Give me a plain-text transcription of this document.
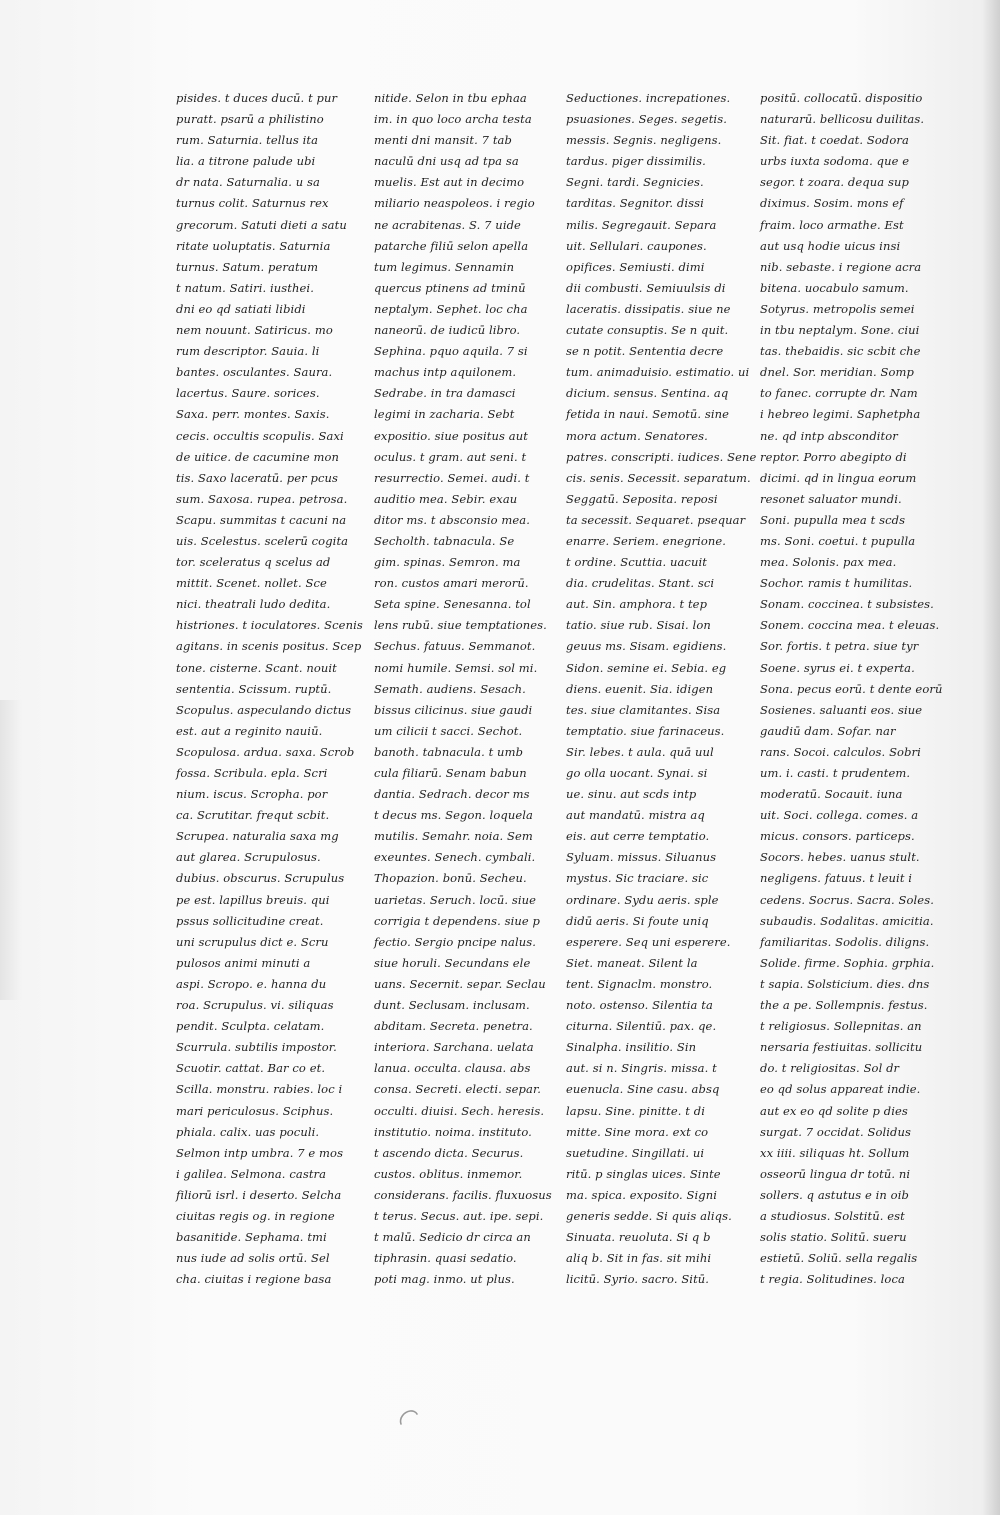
pisides. t duces ducū. t pur
puratt. psarū a philistino
rum. Saturnia. tellus ita
lia. a titrone palude ubi
dr nata. Saturnalia. u sa
turnus colit. Saturnus rex
grecorum. Satuti dieti a satu
ritate uoluptatis. Saturnia
turnus. Satum. peratum
t natum. Satiri. iusthei.
dni eo qd satiati libidi
nem nouunt. Satiricus. mo
rum descriptor. Sauia. li
bantes. osculantes. Saura.
lacertus. Saure. sorices.
Saxa. perr. montes. Saxis.
cecis. occultis scopulis. Saxi
de uitice. de cacumine mon
tis. Saxo laceratū. per pcus
sum. Saxosa. rupea. petrosa.
Scapu. summitas t cacuni na
uis. Scelestus. scelerū cogita
tor. sceleratus q scelus ad
mittit. Scenet. nollet. Sce
nici. theatrali ludo dedita.
histriones. t ioculatores. Scenis
agitans. in scenis positus. Scep
tone. cisterne. Scant. nouit
sententia. Scissum. ruptū.
Scopulus. aspeculando dictus
est. aut a reginito nauiū.
Scopulosa. ardua. saxa. Scrob
fossa. Scribula. epla. Scri
nium. iscus. Scropha. por
ca. Scrutitar. frequt scbit.
Scrupea. naturalia saxa mg
aut glarea. Scrupulosus.
dubius. obscurus. Scrupulus
pe est. lapillus breuis. qui
pssus sollicitudine creat.
uni scrupulus dict e. Scru
pulosos animi minuti a
aspi. Scropo. e. hanna du
roa. Scrupulus. vi. siliquas
pendit. Sculpta. celatam.
Scurrula. subtilis impostor.
Scuotir. cattat. Bar co et.
Scilla. monstru. rabies. loc i
mari periculosus. Sciphus.
phiala. calix. uas poculi.
Selmon intp umbra. 7 e mos
i galilea. Selmona. castra
filiorū isrl. i deserto. Selcha
ciuitas regis og. in regione
basanitide. Sephama. tmi
nus iude ad solis ortū. Sel
cha. ciuitas i regione basa
nitide. Selon in tbu ephaa
im. in quo loco archa testa
menti dni mansit. 7 tab
naculū dni usq ad tpa sa
muelis. Est aut in decimo
miliario neaspoleos. i regio
ne acrabitenas. S. 7 uide
patarche filiū selon apella
tum legimus. Sennamin
quercus ptinens ad tminū
neptalym. Sephet. loc cha
naneorū. de iudicū libro.
Sephina. pquo aquila. 7 si
machus intp aquilonem.
Sedrabe. in tra damasci
legimi in zacharia. Sebt
expositio. siue positus aut
oculus. t gram. aut seni. t
resurrectio. Semei. audi. t
auditio mea. Sebir. exau
ditor ms. t absconsio mea.
Secholth. tabnacula. Se
gim. spinas. Semron. ma
ron. custos amari merorū.
Seta spine. Senesanna. tol
lens rubū. siue temptationes.
Sechus. fatuus. Semmanot.
nomi humile. Semsi. sol mi.
Semath. audiens. Sesach.
bissus cilicinus. siue gaudi
um cilicii t sacci. Sechot.
banoth. tabnacula. t umb
cula filiarū. Senam babun
dantia. Sedrach. decor ms
t decus ms. Segon. loquela
mutilis. Semahr. noia. Sem
exeuntes. Senech. cymbali.
Thopazion. bonū. Secheu.
uarietas. Seruch. locū. siue
corrigia t dependens. siue p
fectio. Sergio pncipe nalus.
siue horuli. Secundans ele
uans. Secernit. separ. Seclau
dunt. Seclusam. inclusam.
abditam. Secreta. penetra.
interiora. Sarchana. uelata
lanua. occulta. clausa. abs
consa. Secreti. electi. separ.
occulti. diuisi. Sech. heresis.
institutio. noima. instituto.
t ascendo dicta. Securus.
custos. oblitus. inmemor.
considerans. facilis. fluxuosus
t terus. Secus. aut. ipe. sepi.
t malū. Sedicio dr circa an
tiphrasin. quasi sedatio.
poti mag. inmo. ut plus.
Seductiones. increpationes.
psuasiones. Seges. segetis.
messis. Segnis. negligens.
tardus. piger dissimilis.
Segni. tardi. Segnicies.
tarditas. Segnitor. dissi
milis. Segregauit. Separa
uit. Sellulari. caupones.
opifices. Semiusti. dimi
dii combusti. Semiuulsis di
laceratis. dissipatis. siue ne
cutate consuptis. Se n quit.
se n potit. Sententia decre
tum. animaduisio. estimatio. ui
dicium. sensus. Sentina. aq
fetida in naui. Semotū. sine
mora actum. Senatores.
patres. conscripti. iudices. Sene
cis. senis. Secessit. separatum.
Seggatū. Seposita. reposi
ta secessit. Sequaret. psequar
enarre. Seriem. enegrione.
t ordine. Scuttia. uacuit
dia. crudelitas. Stant. sci
aut. Sin. amphora. t tep
tatio. siue rub. Sisai. lon
geuus ms. Sisam. egidiens.
Sidon. semine ei. Sebia. eg
diens. euenit. Sia. idigen
tes. siue clamitantes. Sisa
temptatio. siue farinaceus.
Sir. lebes. t aula. quā uul
go olla uocant. Synai. si
ue. sinu. aut scds intp
aut mandatū. mistra aq
eis. aut cerre temptatio.
Syluam. missus. Siluanus
mystus. Sic traciare. sic
ordinare. Sydu aeris. sple
didū aeris. Si foute uniq
esperere. Seq uni esperere.
Siet. maneat. Silent la
tent. Signaclm. monstro.
noto. ostenso. Silentia ta
citurna. Silentiū. pax. qe.
Sinalpha. insilitio. Sin
aut. si n. Singris. missa. t
euenucla. Sine casu. absq
lapsu. Sine. pinitte. t di
mitte. Sine mora. ext co
suetudine. Singillati. ui
ritū. p singlas uices. Sinte
ma. spica. exposito. Signi
generis sedde. Si quis aliqs.
Sinuata. reuoluta. Si q b
aliq b. Sit in fas. sit mihi
licitū. Syrio. sacro. Sitū.
positū. collocatū. dispositio
naturarū. bellicosu duilitas.
Sit. fiat. t coedat. Sodora
urbs iuxta sodoma. que e
segor. t zoara. dequa sup
diximus. Sosim. mons ef
fraim. loco armathe. Est
aut usq hodie uicus insi
nib. sebaste. i regione acra
bitena. uocabulo samum.
Sotyrus. metropolis semei
in tbu neptalym. Sone. ciui
tas. thebaidis. sic scbit che
dnel. Sor. meridian. Somp
to fanec. corrupte dr. Nam
i hebreo legimi. Saphetpha
ne. qd intp absconditor
reptor. Porro abegipto di
dicimi. qd in lingua eorum
resonet saluator mundi.
Soni. pupulla mea t scds
ms. Soni. coetui. t pupulla
mea. Solonis. pax mea.
Sochor. ramis t humilitas.
Sonam. coccinea. t subsistes.
Sonem. coccina mea. t eleuas.
Sor. fortis. t petra. siue tyr
Soene. syrus ei. t experta.
Sona. pecus eorū. t dente eorū
Sosienes. saluanti eos. siue
gaudiū dam. Sofar. nar
rans. Socoi. calculos. Sobri
um. i. casti. t prudentem.
moderatū. Socauit. iuna
uit. Soci. collega. comes. a
micus. consors. particeps.
Socors. hebes. uanus stult.
negligens. fatuus. t leuit i
cedens. Socrus. Sacra. Soles.
subaudis. Sodalitas. amicitia.
familiaritas. Sodolis. diligns.
Solide. firme. Sophia. grphia.
t sapia. Solsticium. dies. dns
the a pe. Sollempnis. festus.
t religiosus. Sollepnitas. an
nersaria festiuitas. sollicitu
do. t religiositas. Sol dr
eo qd solus appareat indie.
aut ex eo qd solite p dies
surgat. 7 occidat. Solidus
xx iiii. siliquas ht. Sollum
osseorū lingua dr totū. ni
sollers. q astutus e in oib
a studiosus. Solstitū. est
solis statio. Solitū. sueru
estietū. Soliū. sella regalis
t regia. Solitudines. loca
